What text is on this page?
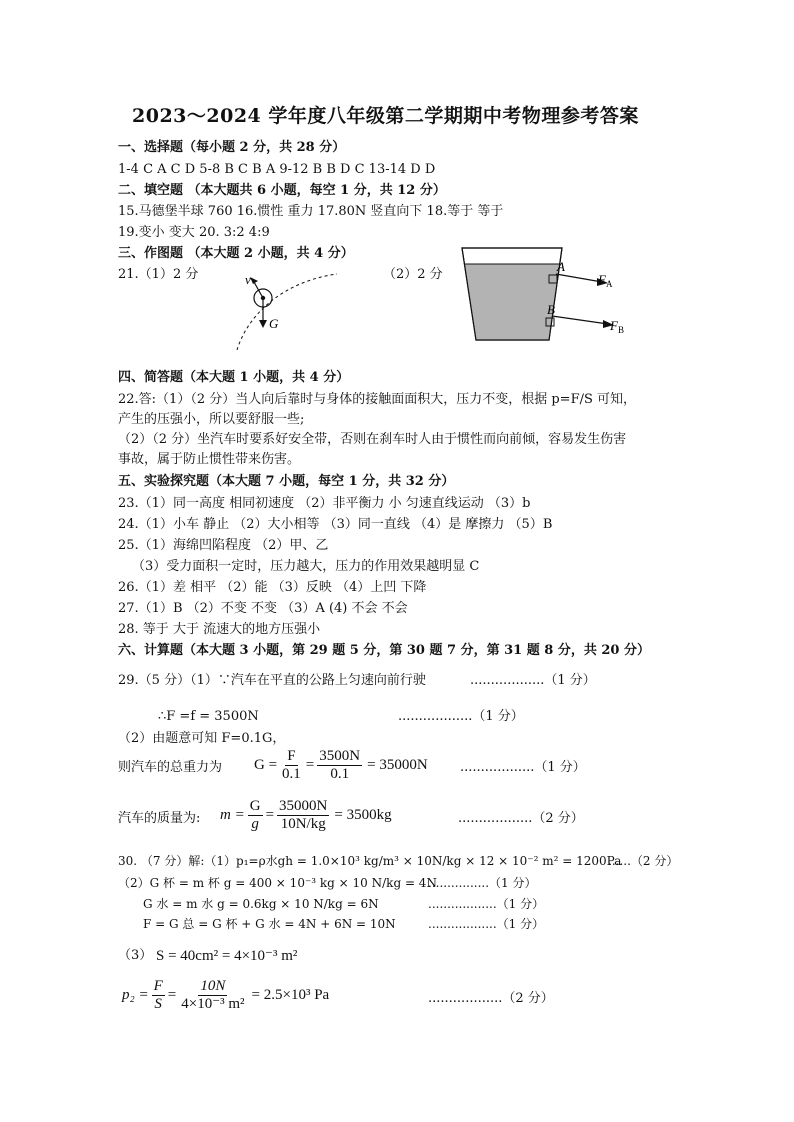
2023～2024 学年度八年级第二学期期中考物理参考答案
一、选择题（每小题 2 分，共 28 分）
1-4 C A C D 5-8 B C B A 9-12 B B D C 13-14 D D
二、填空题 （本大题共 6 小题，每空 1 分，共 12 分）
15.马德堡半球 760 16.惯性 重力 17.80N 竖直向下 18.等于 等于
19.变小 变大 20. 3:2 4:9
三、作图题 （本大题 2 小题，共 4 分）
21.（1）2 分	（2）2 分
v
G
A
$F_A$
B
$F_B$
四、简答题（本大题 1 小题，共 4 分）
22.答:（1）（2 分）当人向后靠时与身体的接触面面积大，压力不变，根据 p=F/S 可知，
产生的压强小，所以要舒服一些;
（2）（2 分）坐汽车时要系好安全带，否则在刹车时人由于惯性而向前倾，容易发生伤害
事故，属于防止惯性带来伤害。
五、实验探究题（本大题 7 小题，每空 1 分，共 32 分）
23.（1）同一高度 相同初速度 （2）非平衡力 小 匀速直线运动 （3）b
24.（1）小车 静止 （2）大小相等 （3）同一直线 （4）是 摩擦力 （5）B
25.（1）海绵凹陷程度 （2）甲、乙
（3）受力面积一定时，压力越大，压力的作用效果越明显 C
26.（1）差 相平 （2）能 （3）反映 （4）上凹 下降
27.（1）B （2）不变 不变 （3）A (4) 不会 不会
28. 等于 大于 流速大的地方压强小
六、计算题（本大题 3 小题，第 29 题 5 分，第 30 题 7 分，第 31 题 8 分，共 20 分）
29.（5 分）（1）∵汽车在平直的公路上匀速向前行驶	..................（1 分）
∴F =f = 3500N	..................（1 分）
（2）由题意可知 F=0.1G，
则汽车的总重力为 $G = \frac{F}{0.1} = \frac{3500N}{0.1} = 35000N$ ..................（1 分）
汽车的质量为: $m = \frac{G}{g} = \frac{35000N}{10N/kg} = 3500kg$	..................（2 分）
30. （7 分）解:（1）p₁=ρ水gh = 1.0×10³ kg/m³ × 10N/kg × 12 × 10⁻² m² = 1200Pa
......（2 分）
（2）G 杯 = m 杯 g = 400 × 10⁻³ kg × 10 N/kg = 4N
................（1 分）
G 水 = m 水 g = 0.6kg × 10 N/kg = 6N	..................（1 分）
F = G 总 = G 杯 + G 水 = 4N + 6N = 10N	..................（1 分）
（3） S = 40cm² = 4×10⁻³ m²
$p_2 = \frac{F}{S} = \frac{10N}{\text{4×10⁻³ m²}} = 2.5\times 10^3$ Pa	..................（2 分）
